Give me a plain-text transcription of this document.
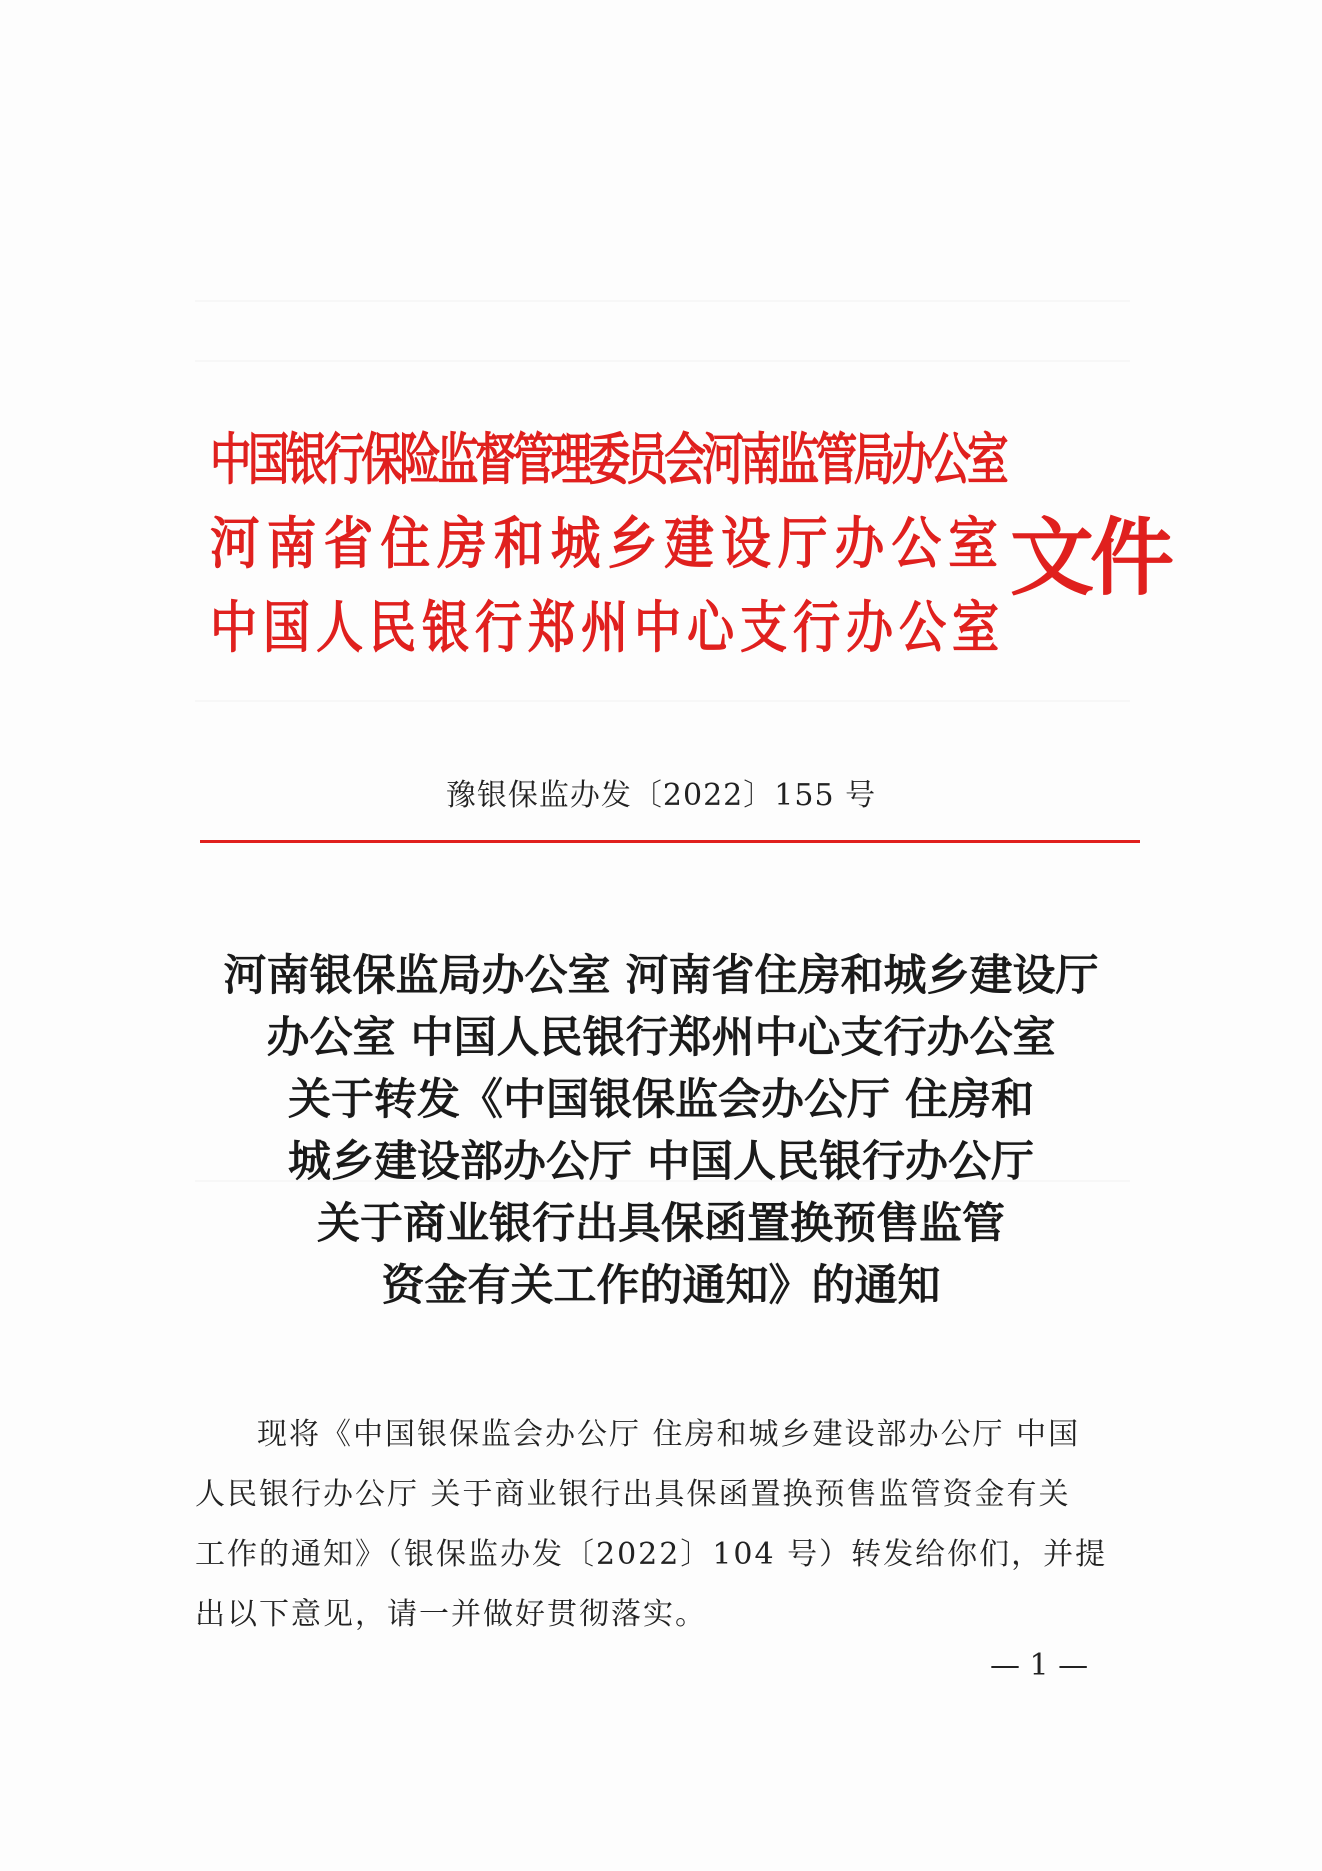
中国银行保险监督管理委员会河南监管局办公室
河南省住房和城乡建设厅办公室
中国人民银行郑州中心支行办公室
文件
豫银保监办发〔2022〕155 号
河南银保监局办公室 河南省住房和城乡建设厅
办公室 中国人民银行郑州中心支行办公室
关于转发《中国银保监会办公厅 住房和
城乡建设部办公厅 中国人民银行办公厅
关于商业银行出具保函置换预售监管
资金有关工作的通知》的通知
现将《中国银保监会办公厅 住房和城乡建设部办公厅 中国
人民银行办公厅 关于商业银行出具保函置换预售监管资金有关
工作的通知》（银保监办发〔2022〕104 号）转发给你们，并提
出以下意见，请一并做好贯彻落实。
— 1 —
